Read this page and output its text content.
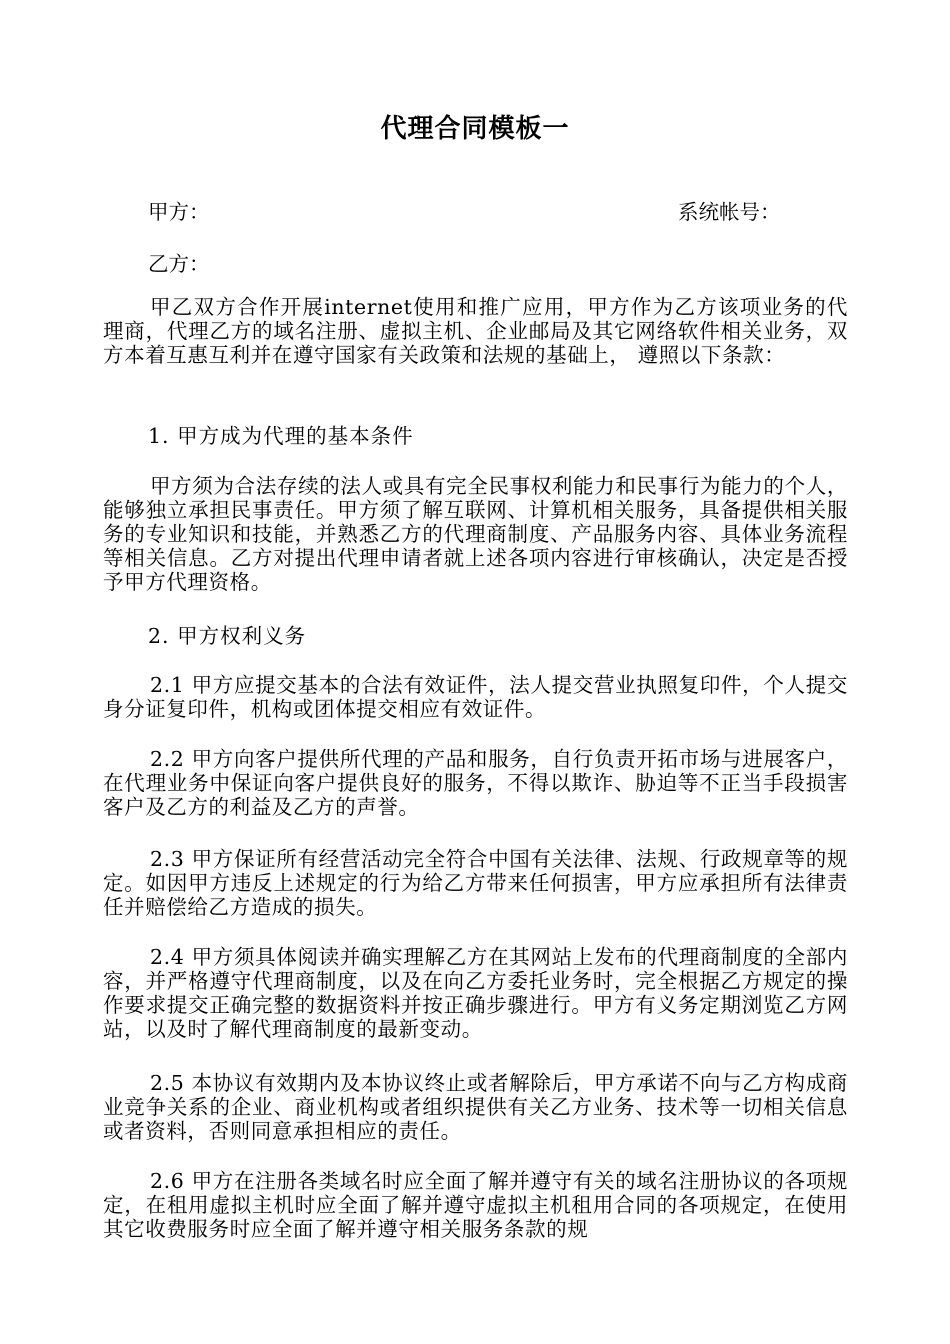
代理合同模板一
甲方：	系统帐号：
乙方：
甲乙双方合作开展internet使用和推广应用，甲方作为乙方该项业务的代理商，代理乙方的域名注册、虚拟主机、企业邮局及其它网络软件相关业务，双方本着互惠互利并在遵守国家有关政策和法规的基础上， 遵照以下条款：
1. 甲方成为代理的基本条件
甲方须为合法存续的法人或具有完全民事权利能力和民事行为能力的个人，能够独立承担民事责任。甲方须了解互联网、计算机相关服务，具备提供相关服务的专业知识和技能，并熟悉乙方的代理商制度、产品服务内容、具体业务流程等相关信息。乙方对提出代理申请者就上述各项内容进行审核确认，决定是否授予甲方代理资格。
2. 甲方权利义务
2.1 甲方应提交基本的合法有效证件，法人提交营业执照复印件，个人提交身分证复印件，机构或团体提交相应有效证件。
2.2 甲方向客户提供所代理的产品和服务，自行负责开拓市场与进展客户，在代理业务中保证向客户提供良好的服务，不得以欺诈、胁迫等不正当手段损害客户及乙方的利益及乙方的声誉。
2.3 甲方保证所有经营活动完全符合中国有关法律、法规、行政规章等的规定。如因甲方违反上述规定的行为给乙方带来任何损害，甲方应承担所有法律责任并赔偿给乙方造成的损失。
2.4 甲方须具体阅读并确实理解乙方在其网站上发布的代理商制度的全部内容，并严格遵守代理商制度，以及在向乙方委托业务时，完全根据乙方规定的操作要求提交正确完整的数据资料并按正确步骤进行。甲方有义务定期浏览乙方网站，以及时了解代理商制度的最新变动。
2.5 本协议有效期内及本协议终止或者解除后，甲方承诺不向与乙方构成商业竞争关系的企业、商业机构或者组织提供有关乙方业务、技术等一切相关信息或者资料，否则同意承担相应的责任。
2.6 甲方在注册各类域名时应全面了解并遵守有关的域名注册协议的各项规定，在租用虚拟主机时应全面了解并遵守虚拟主机租用合同的各项规定，在使用其它收费服务时应全面了解并遵守相关服务条款的规
